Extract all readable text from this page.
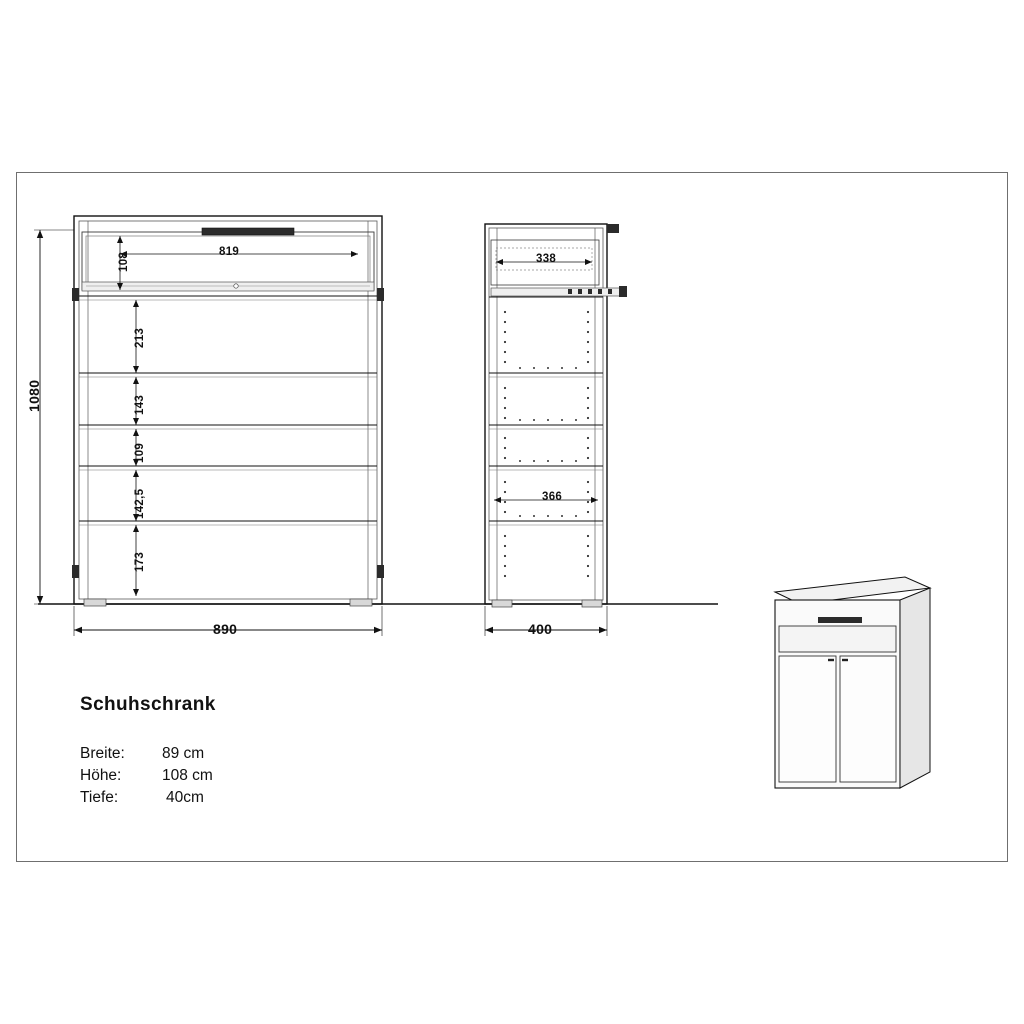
1080
890
819
108
213
143
109
142,5
173
338
366
400
Schuhschrank
Breite: 89 cm
Höhe:	108 cm
Tiefe:	40cm
